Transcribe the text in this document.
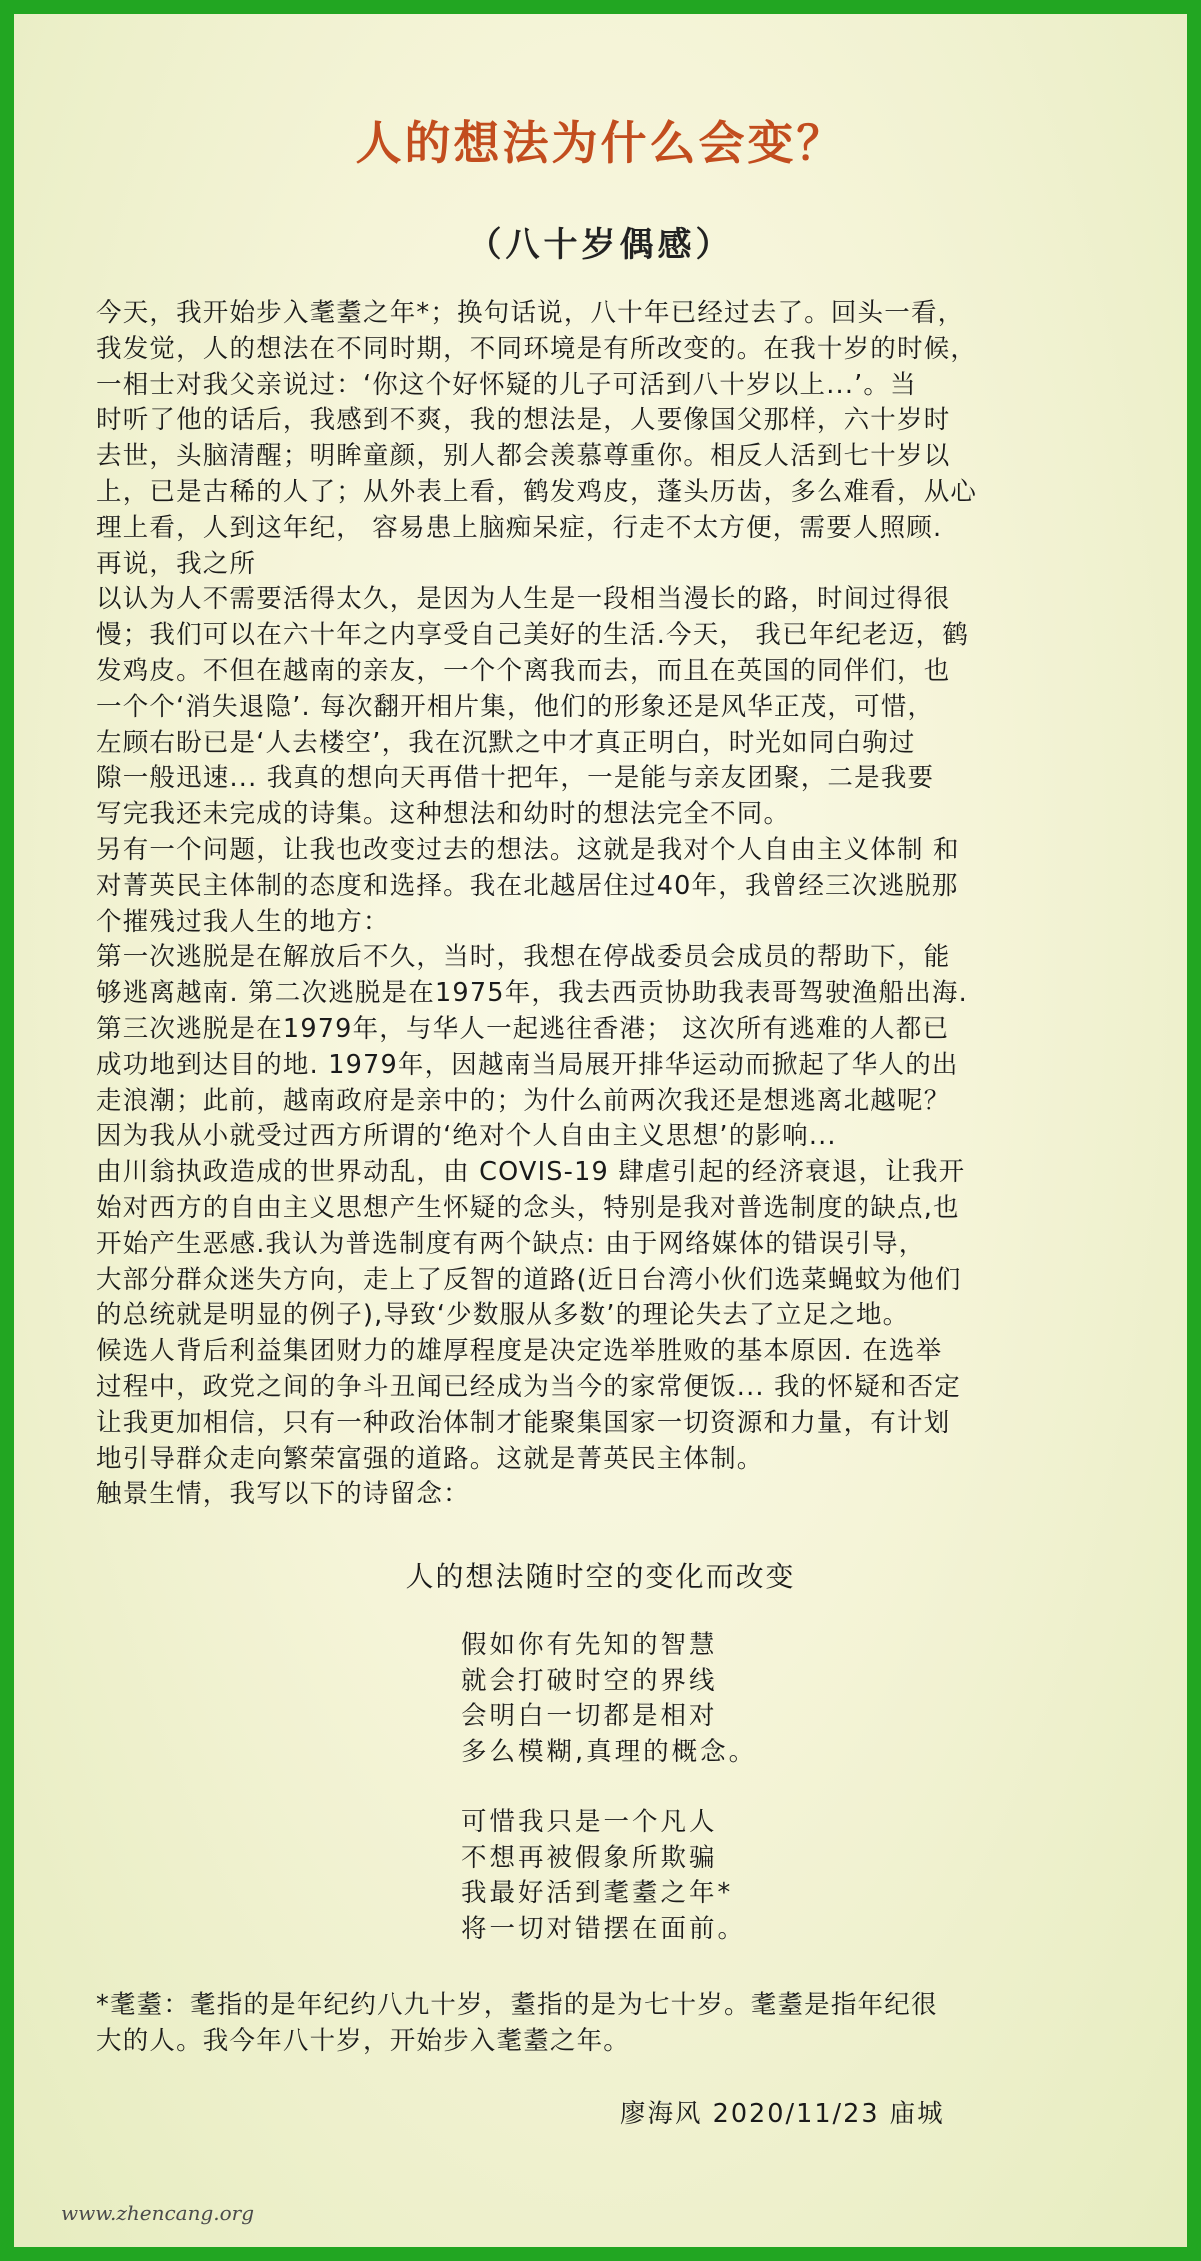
人的想法为什么会变？
（八十岁偶感）
今天，我开始步入耄耋之年*；换句话说，八十年已经过去了。回头一看，
我发觉，人的想法在不同时期，不同环境是有所改变的。在我十岁的时候，
一相士对我父亲说过：‘你这个好怀疑的儿子可活到八十岁以上...’。当
时听了他的话后，我感到不爽，我的想法是，人要像国父那样，六十岁时
去世，头脑清醒；明眸童颜，别人都会羡慕尊重你。相反人活到七十岁以
上，已是古稀的人了；从外表上看，鹤发鸡皮，蓬头历齿，多么难看，从心
理上看，人到这年纪， 容易患上脑痴呆症，行走不太方便，需要人照顾.
再说，我之所
以认为人不需要活得太久，是因为人生是一段相当漫长的路，时间过得很
慢；我们可以在六十年之内享受自己美好的生活.今天， 我已年纪老迈，鹤
发鸡皮。不但在越南的亲友，一个个离我而去，而且在英国的同伴们，也
一个个‘消失退隐’. 每次翻开相片集，他们的形象还是风华正茂，可惜，
左顾右盼已是‘人去楼空’，我在沉默之中才真正明白，时光如同白驹过
隙一般迅速... 我真的想向天再借十把年，一是能与亲友团聚，二是我要
写完我还未完成的诗集。这种想法和幼时的想法完全不同。
另有一个问题，让我也改变过去的想法。这就是我对个人自由主义体制 和
对菁英民主体制的态度和选择。我在北越居住过40年，我曾经三次逃脱那
个摧残过我人生的地方：
第一次逃脱是在解放后不久，当时，我想在停战委员会成员的帮助下，能
够逃离越南. 第二次逃脱是在1975年，我去西贡协助我表哥驾驶渔船出海.
第三次逃脱是在1979年，与华人一起逃往香港； 这次所有逃难的人都已
成功地到达目的地. 1979年，因越南当局展开排华运动而掀起了华人的出
走浪潮；此前，越南政府是亲中的；为什么前两次我还是想逃离北越呢？
因为我从小就受过西方所谓的‘绝对个人自由主义思想’的影响...
由川翁执政造成的世界动乱，由 COVIS-19 肆虐引起的经济衰退，让我开
始对西方的自由主义思想产生怀疑的念头，特别是我对普选制度的缺点,也
开始产生恶感.我认为普选制度有两个缺点: 由于网络媒体的错误引导，
大部分群众迷失方向，走上了反智的道路(近日台湾小伙们选菜蝇蚊为他们
的总统就是明显的例子),导致‘少数服从多数’的理论失去了立足之地。
候选人背后利益集团财力的雄厚程度是决定选举胜败的基本原因. 在选举
过程中，政党之间的争斗丑闻已经成为当今的家常便饭... 我的怀疑和否定
让我更加相信，只有一种政治体制才能聚集国家一切资源和力量，有计划
地引导群众走向繁荣富强的道路。这就是菁英民主体制。
触景生情，我写以下的诗留念：
人的想法随时空的变化而改变
假如你有先知的智慧
就会打破时空的界线
会明白一切都是相对
多么模糊,真理的概念。
可惜我只是一个凡人
不想再被假象所欺骗
我最好活到耄耋之年*
将一切对错摆在面前。
*耄耋：耄指的是年纪约八九十岁，耋指的是为七十岁。耄耋是指年纪很
大的人。我今年八十岁，开始步入耄耋之年。
廖海风 2020/11/23 庙城
www.zhencang.org
